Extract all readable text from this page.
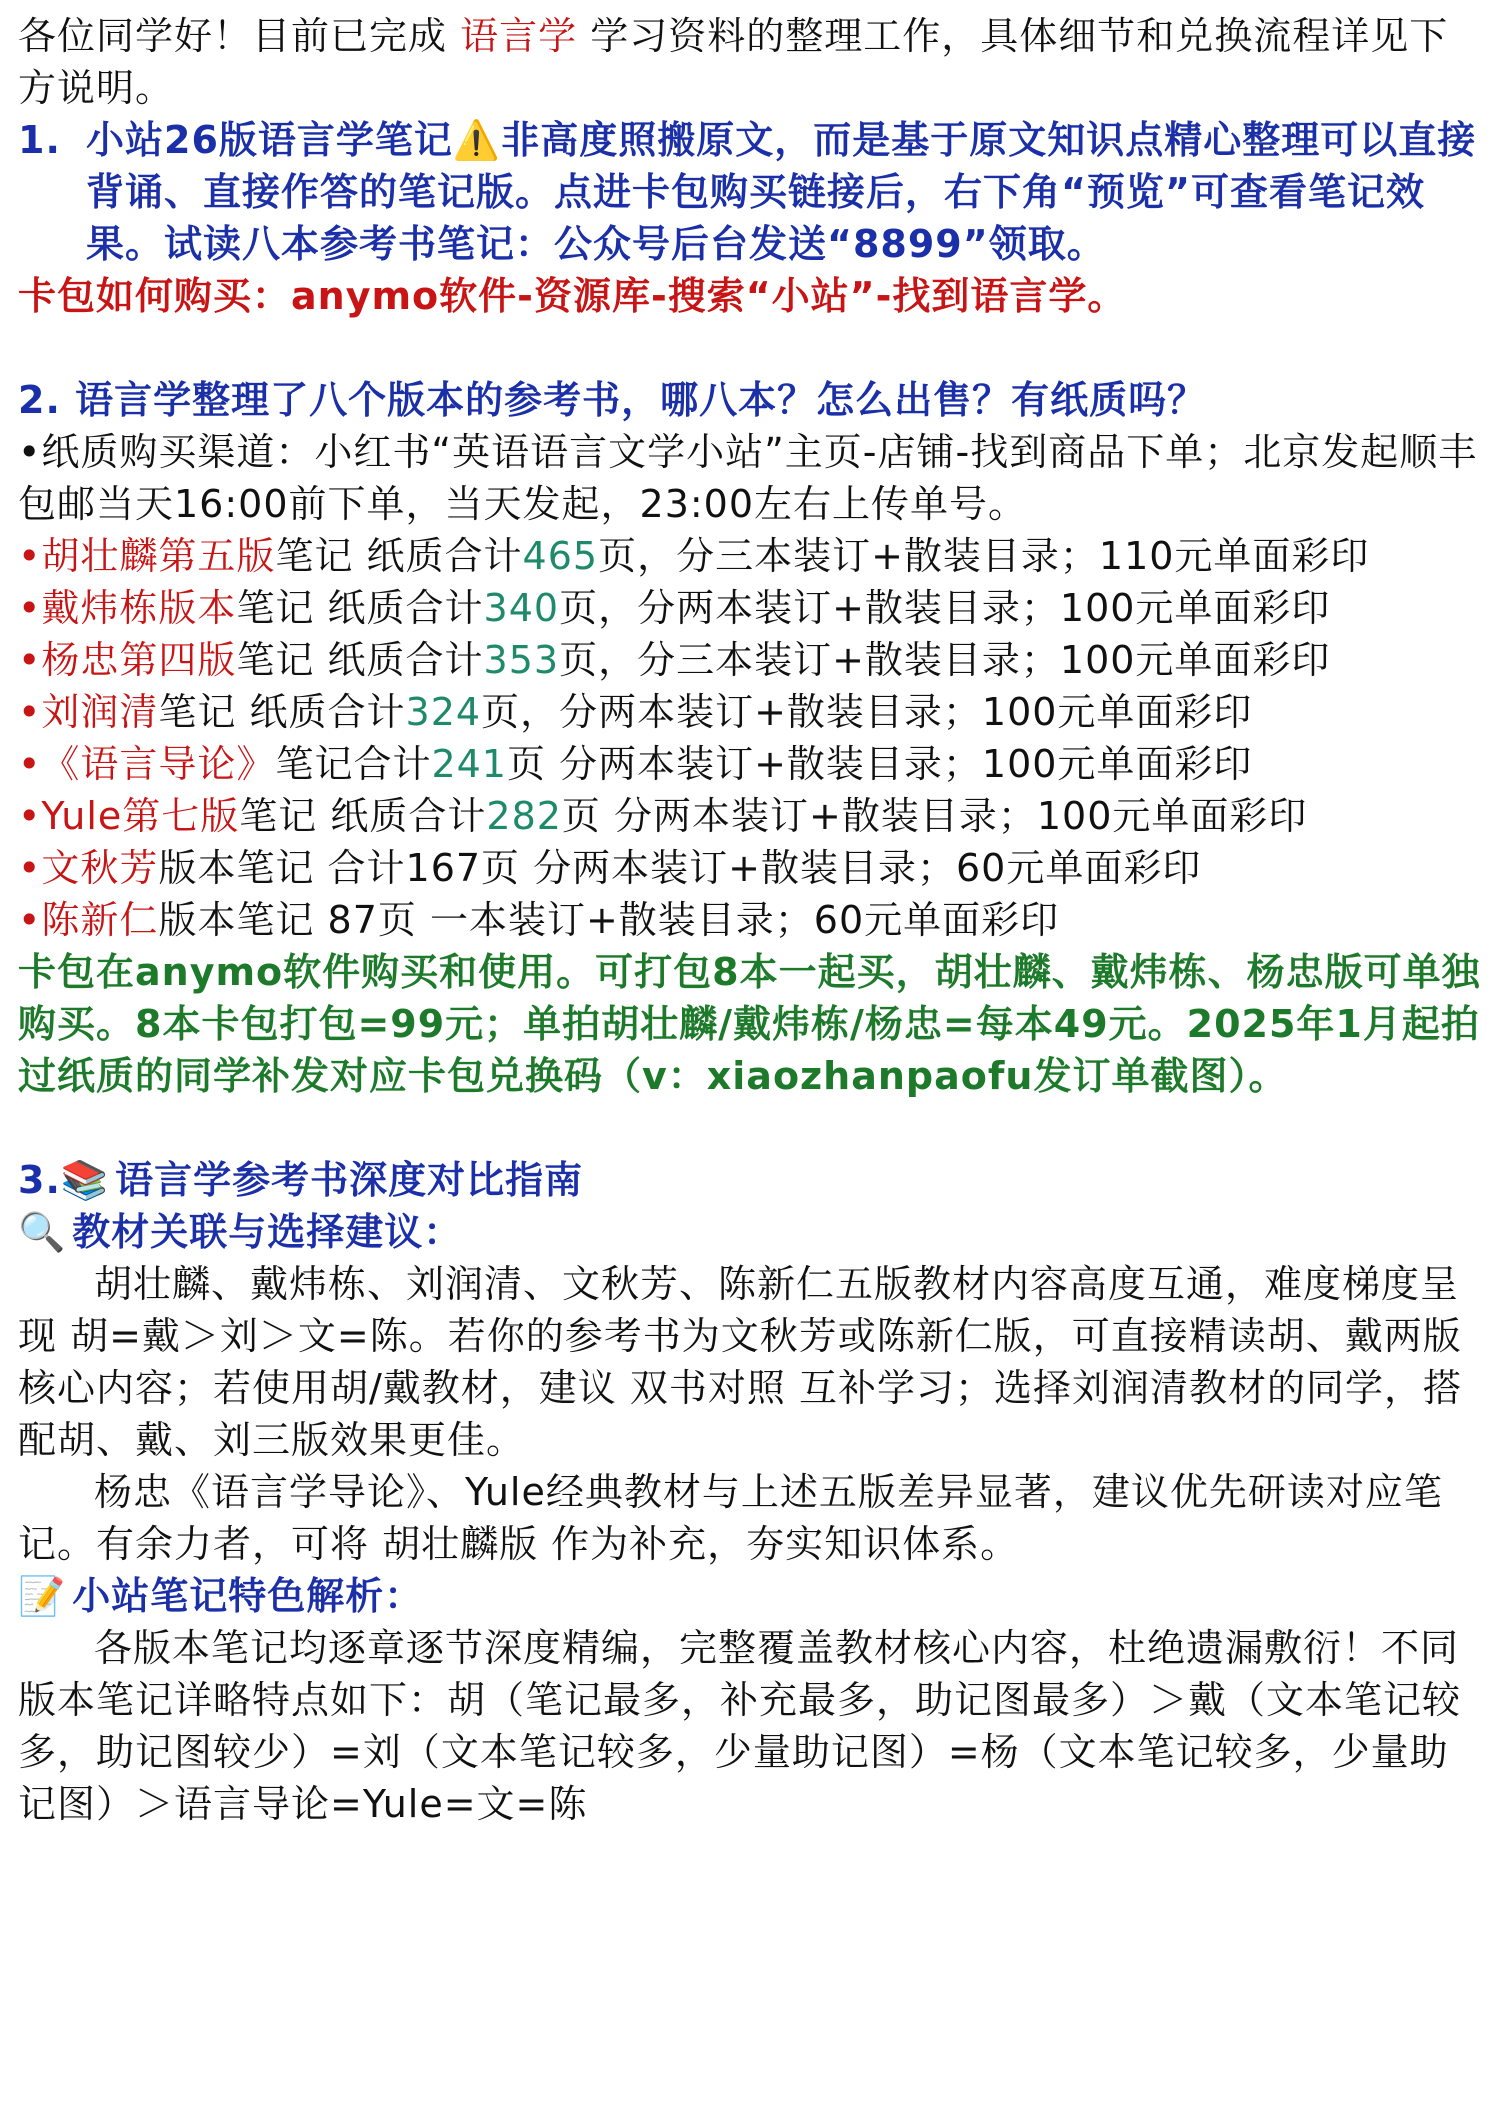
各位同学好！目前已完成 语言学 学习资料的整理工作，具体细节和兑换流程详见下方说明。

1. 小站26版语言学笔记⚠️非高度照搬原文，而是基于原文知识点精心整理可以直接背诵、直接作答的笔记版。点进卡包购买链接后，右下角“预览”可查看笔记效果。试读八本参考书笔记：公众号后台发送“8899”领取。

卡包如何购买：anymo软件-资源库-搜索“小站”-找到语言学。

2. 语言学整理了八个版本的参考书，哪八本？怎么出售？有纸质吗？

•纸质购买渠道：小红书“英语语言文学小站”主页-店铺-找到商品下单；北京发起顺丰包邮当天16:00前下单，当天发起，23:00左右上传单号。

•胡壮麟第五版笔记 纸质合计465页，分三本装订+散装目录；110元单面彩印

•戴炜栋版本笔记 纸质合计340页，分两本装订+散装目录；100元单面彩印

•杨忠第四版笔记 纸质合计353页，分三本装订+散装目录；100元单面彩印

•刘润清笔记 纸质合计324页，分两本装订+散装目录；100元单面彩印

•《语言导论》笔记合计241页 分两本装订+散装目录；100元单面彩印

•Yule第七版笔记 纸质合计282页 分两本装订+散装目录；100元单面彩印

•文秋芳版本笔记 合计167页 分两本装订+散装目录；60元单面彩印

•陈新仁版本笔记 87页 一本装订+散装目录；60元单面彩印

卡包在anymo软件购买和使用。可打包8本一起买，胡壮麟、戴炜栋、杨忠版可单独购买。8本卡包打包=99元；单拍胡壮麟/戴炜栋/杨忠=每本49元。2025年1月起拍过纸质的同学补发对应卡包兑换码（v：xiaozhanpaofu发订单截图）。

3.📚 语言学参考书深度对比指南

🔍 教材关联与选择建议：

胡壮麟、戴炜栋、刘润清、文秋芳、陈新仁五版教材内容高度互通，难度梯度呈现 胡=戴＞刘＞文=陈。若你的参考书为文秋芳或陈新仁版，可直接精读胡、戴两版核心内容；若使用胡/戴教材，建议 双书对照 互补学习；选择刘润清教材的同学，搭配胡、戴、刘三版效果更佳。

杨忠《语言学导论》、Yule经典教材与上述五版差异显著，建议优先研读对应笔记。有余力者，可将 胡壮麟版 作为补充，夯实知识体系。

📝 小站笔记特色解析：

各版本笔记均逐章逐节深度精编，完整覆盖教材核心内容，杜绝遗漏敷衍！不同版本笔记详略特点如下：胡（笔记最多，补充最多，助记图最多）＞戴（文本笔记较多，助记图较少）=刘（文本笔记较多，少量助记图）=杨（文本笔记较多，少量助记图）＞语言导论=Yule=文=陈
